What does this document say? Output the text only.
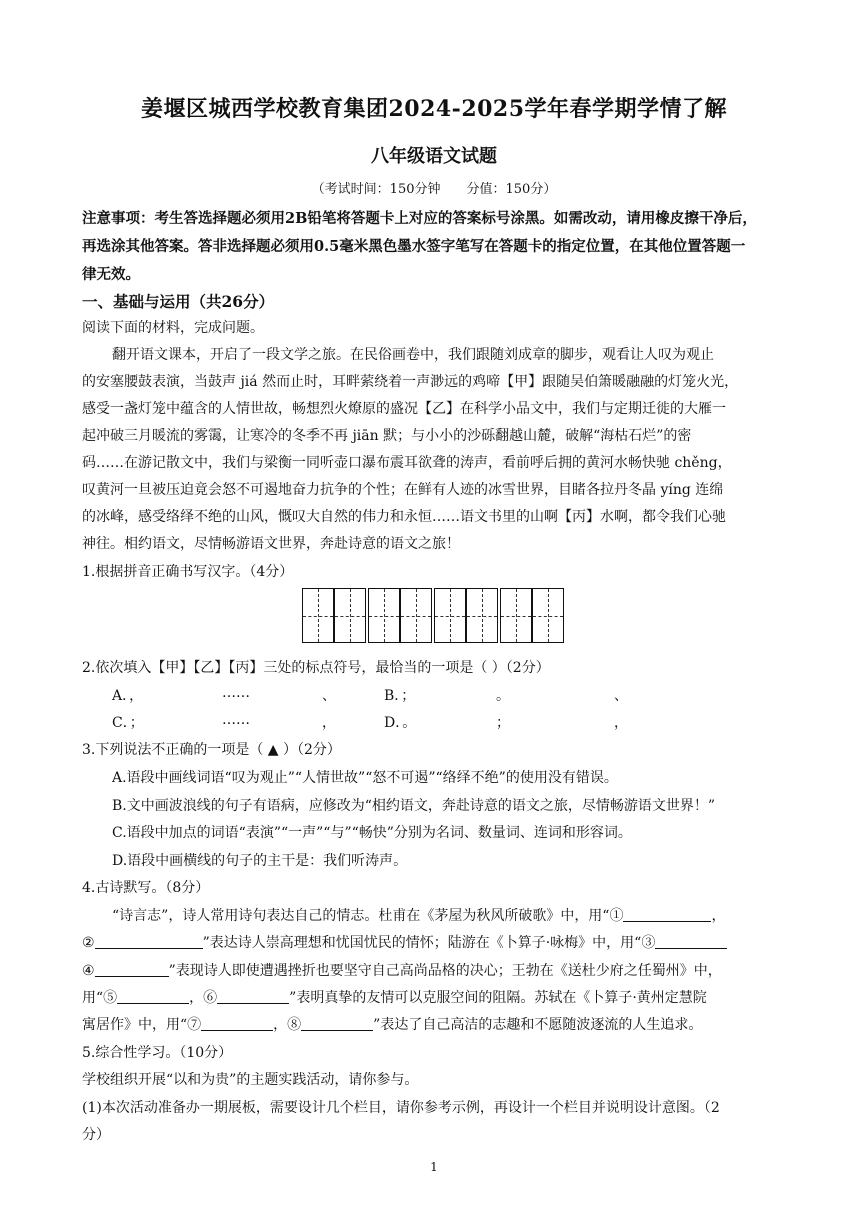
姜堰区城西学校教育集团2024-2025学年春学期学情了解
八年级语文试题
（考试时间：150分钟 分值：150分）
注意事项：考生答选择题必须用2B铅笔将答题卡上对应的答案标号涂黑。如需改动，请用橡皮擦干净后，
再选涂其他答案。答非选择题必须用0.5毫米黑色墨水签字笔写在答题卡的指定位置，在其他位置答题一
律无效。
一、基础与运用（共26分）
阅读下面的材料，完成问题。
翻开语文课本，开启了一段文学之旅。在民俗画卷中，我们跟随刘成章的脚步，观看让人叹为观止
的安塞腰鼓表演，当鼓声 jiá 然而止时，耳畔萦绕着一声渺远的鸡啼【甲】跟随吴伯箫暖融融的灯笼火光，
感受一盏灯笼中蕴含的人情世故，畅想烈火燎原的盛况【乙】在科学小品文中，我们与定期迁徙的大雁一
起冲破三月暖流的雾霭，让寒冷的冬季不再 jiān 默；与小小的沙砾翻越山麓，破解“海枯石烂”的密
码……在游记散文中，我们与梁衡一同听壶口瀑布震耳欲聋的涛声，看前呼后拥的黄河水畅快驰 chěng，
叹黄河一旦被压迫竟会怒不可遏地奋力抗争的个性；在鲜有人迹的冰雪世界，目睹各拉丹冬晶 yíng 连绵
的冰峰，感受络绎不绝的山风，慨叹大自然的伟力和永恒……语文书里的山啊【丙】水啊，都令我们心驰
神往。相约语文，尽情畅游语文世界，奔赴诗意的语文之旅！
1.根据拼音正确书写汉字。（4分）
2.依次填入【甲】【乙】【丙】三处的标点符号，最恰当的一项是（ ）（2分）
A．，	……	、	B．；	。	、
C．；	……	，	D．。	；	，
3.下列说法不正确的一项是（ ▲ ）（2分）
A.语段中画线词语“叹为观止”“人情世故”“怒不可遏”“络绎不绝”的使用没有错误。
B.文中画波浪线的句子有语病，应修改为“相约语文，奔赴诗意的语文之旅，尽情畅游语文世界！”
C.语段中加点的词语“表演”“一声”“与”“畅快”分别为名词、数量词、连词和形容词。
D.语段中画横线的句子的主干是：我们听涛声。
4.古诗默写。（8分）
“诗言志”，诗人常用诗句表达自己的情志。杜甫在《茅屋为秋风所破歌》中，用“①	，
②	”表达诗人崇高理想和忧国忧民的情怀；陆游在《卜算子·咏梅》中，用“③
④	”表现诗人即使遭遇挫折也要坚守自己高尚品格的决心；王勃在《送杜少府之任蜀州》中，
用“⑤	，⑥	”表明真挚的友情可以克服空间的阻隔。苏轼在《卜算子·黄州定慧院
寓居作》中，用“⑦	，⑧	”表达了自己高洁的志趣和不愿随波逐流的人生追求。
5.综合性学习。（10分）
学校组织开展“以和为贵”的主题实践活动，请你参与。
(1)本次活动准备办一期展板，需要设计几个栏目，请你参考示例，再设计一个栏目并说明设计意图。（2
分）
1
